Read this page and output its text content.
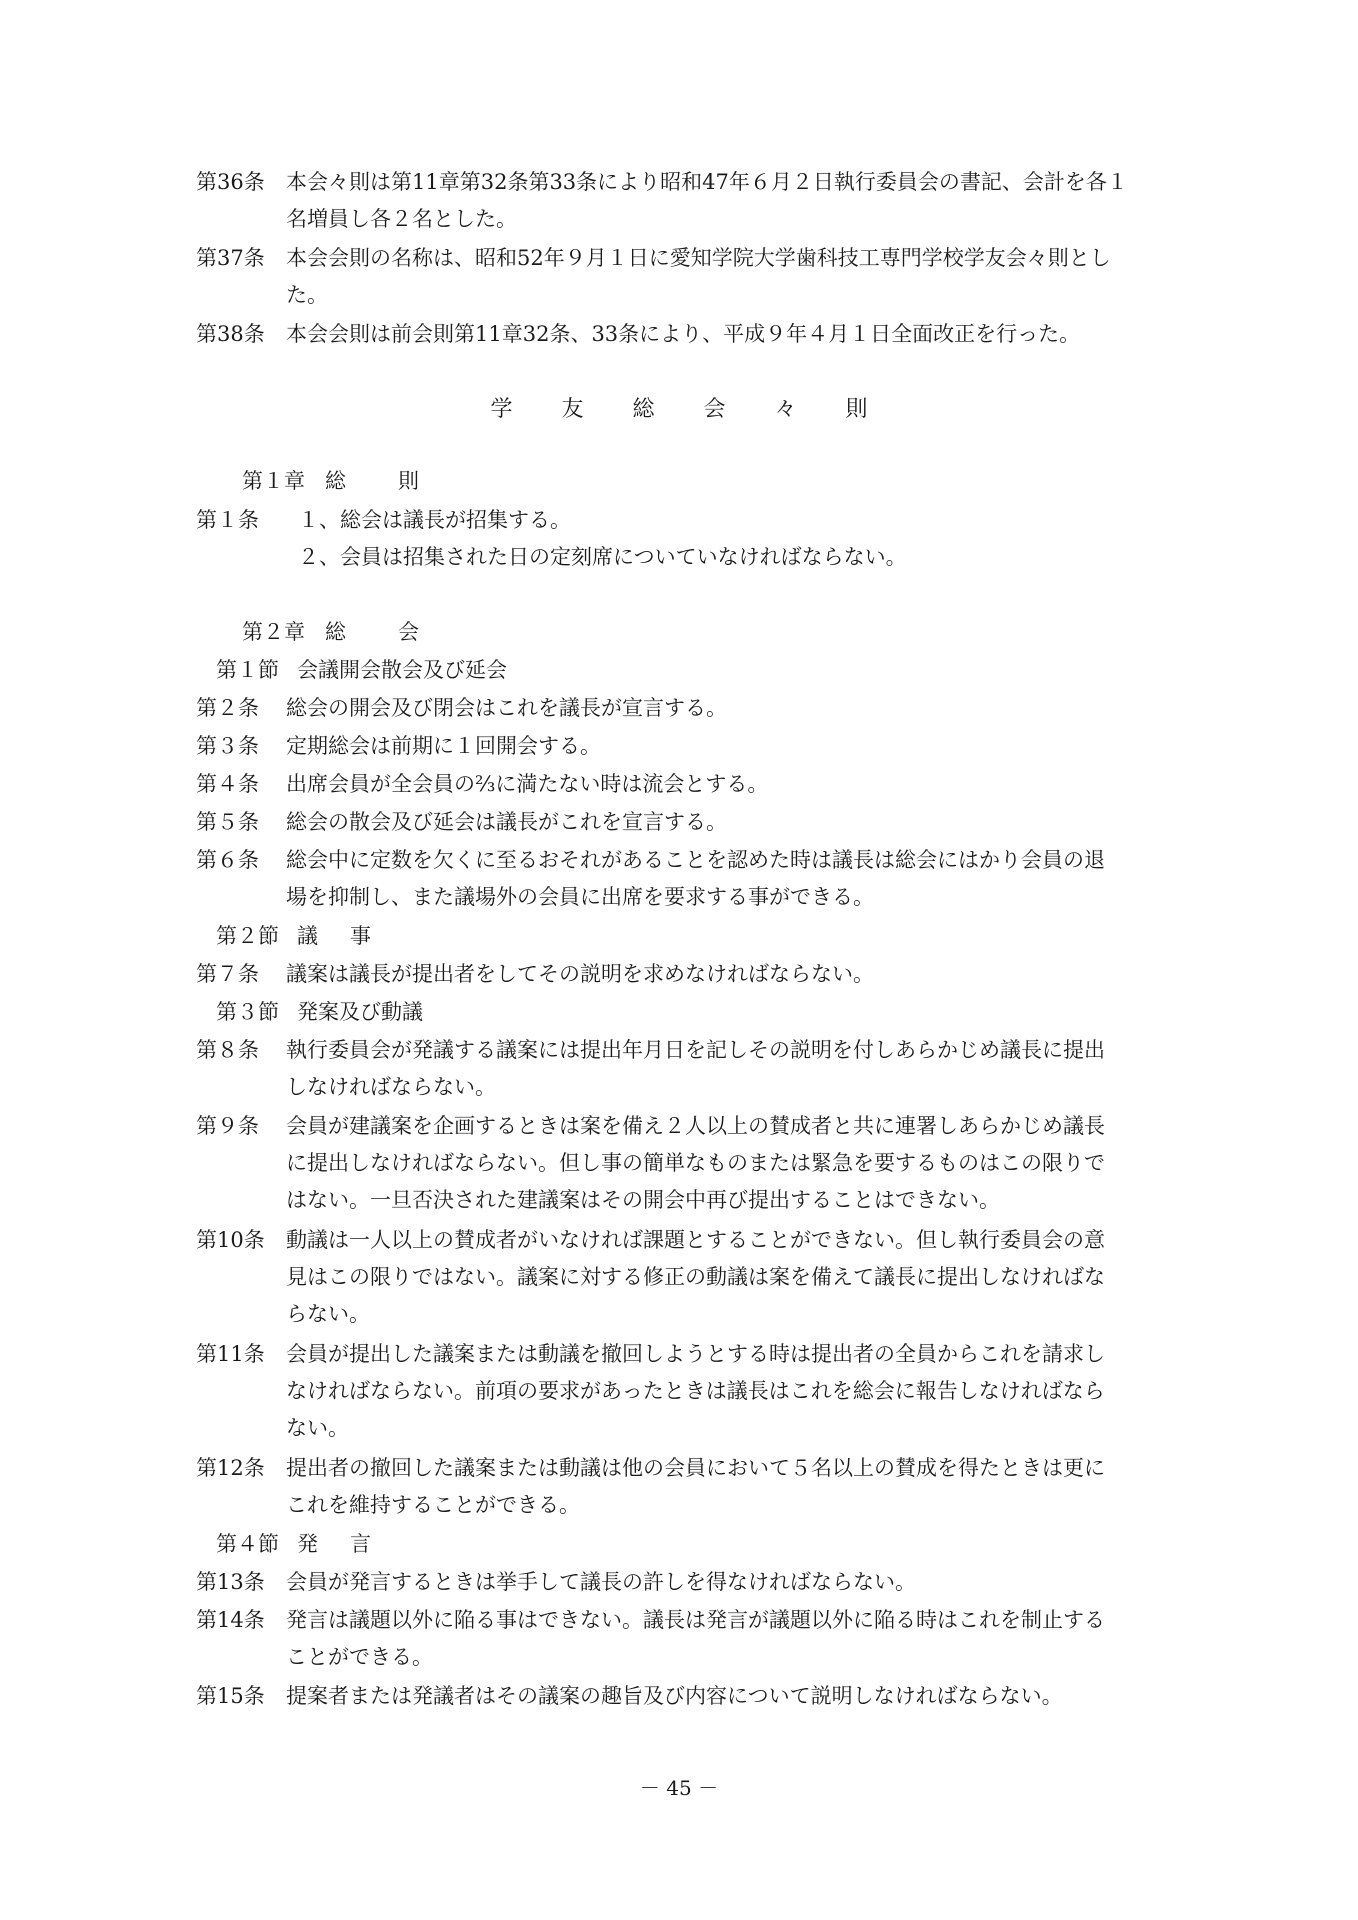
第36条	本会々則は第11章第32条第33条により昭和47年６月２日執行委員会の書記、会計を各１

名増員し各２名とした。

第37条	本会会則の名称は、昭和52年９月１日に愛知学院大学歯科技工専門学校学友会々則とし

た。

第38条	本会会則は前会則第11章32条、33条により、平成９年４月１日全面改正を行った。

学	友	総	会	々	則
第１章 総則
第１条	１、総会は議長が招集する。

２、会員は招集された日の定刻席についていなければならない。

第２章 総会
第１節 会議開会散会及び延会
第２条	総会の開会及び閉会はこれを議長が宣言する。

第３条	定期総会は前期に１回開会する。

第４条	出席会員が全会員の⅔に満たない時は流会とする。

第５条	総会の散会及び延会は議長がこれを宣言する。

第６条	総会中に定数を欠くに至るおそれがあることを認めた時は議長は総会にはかり会員の退

場を抑制し、また議場外の会員に出席を要求する事ができる。

第２節 議事
第７条	議案は議長が提出者をしてその説明を求めなければならない。

第３節 発案及び動議
第８条	執行委員会が発議する議案には提出年月日を記しその説明を付しあらかじめ議長に提出

しなければならない。

第９条	会員が建議案を企画するときは案を備え２人以上の賛成者と共に連署しあらかじめ議長

に提出しなければならない。但し事の簡単なものまたは緊急を要するものはこの限りで

はない。一旦否決された建議案はその開会中再び提出することはできない。

第10条	動議は一人以上の賛成者がいなければ課題とすることができない。但し執行委員会の意

見はこの限りではない。議案に対する修正の動議は案を備えて議長に提出しなければな

らない。

第11条	会員が提出した議案または動議を撤回しようとする時は提出者の全員からこれを請求し

なければならない。前項の要求があったときは議長はこれを総会に報告しなければなら

ない。

第12条	提出者の撤回した議案または動議は他の会員において５名以上の賛成を得たときは更に

これを維持することができる。

第４節 発言
第13条	会員が発言するときは挙手して議長の許しを得なければならない。

第14条	発言は議題以外に陥る事はできない。議長は発言が議題以外に陥る時はこれを制止する

ことができる。

第15条	提案者または発議者はその議案の趣旨及び内容について説明しなければならない。

－ 45 －
